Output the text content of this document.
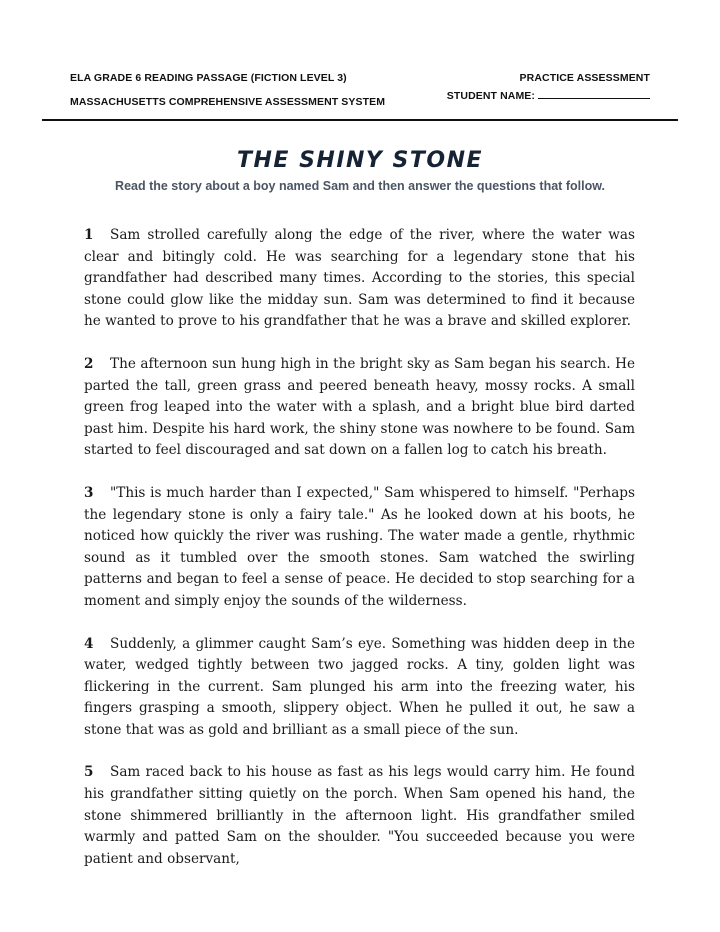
ELA GRADE 6 READING PASSAGE (FICTION LEVEL 3)
MASSACHUSETTS COMPREHENSIVE ASSESSMENT SYSTEM
PRACTICE ASSESSMENT
STUDENT NAME:
THE SHINY STONE
Read the story about a boy named Sam and then answer the questions that follow.

1 Sam strolled carefully along the edge of the river, where the water was clear and bitingly cold. He was searching for a legendary stone that his grandfather had described many times. According to the stories, this special stone could glow like the midday sun. Sam was determined to find it because he wanted to prove to his grandfather that he was a brave and skilled explorer.

2 The afternoon sun hung high in the bright sky as Sam began his search. He parted the tall, green grass and peered beneath heavy, mossy rocks. A small green frog leaped into the water with a splash, and a bright blue bird darted past him. Despite his hard work, the shiny stone was nowhere to be found. Sam started to feel discouraged and sat down on a fallen log to catch his breath.

3 "This is much harder than I expected," Sam whispered to himself. "Perhaps the legendary stone is only a fairy tale." As he looked down at his boots, he noticed how quickly the river was rushing. The water made a gentle, rhythmic sound as it tumbled over the smooth stones. Sam watched the swirling patterns and began to feel a sense of peace. He decided to stop searching for a moment and simply enjoy the sounds of the wilderness.

4 Suddenly, a glimmer caught Sam’s eye. Something was hidden deep in the water, wedged tightly between two jagged rocks. A tiny, golden light was flickering in the current. Sam plunged his arm into the freezing water, his fingers grasping a smooth, slippery object. When he pulled it out, he saw a stone that was as gold and brilliant as a small piece of the sun.

5 Sam raced back to his house as fast as his legs would carry him. He found his grandfather sitting quietly on the porch. When Sam opened his hand, the stone shimmered brilliantly in the afternoon light. His grandfather smiled warmly and patted Sam on the shoulder. "You succeeded because you were patient and observant,
